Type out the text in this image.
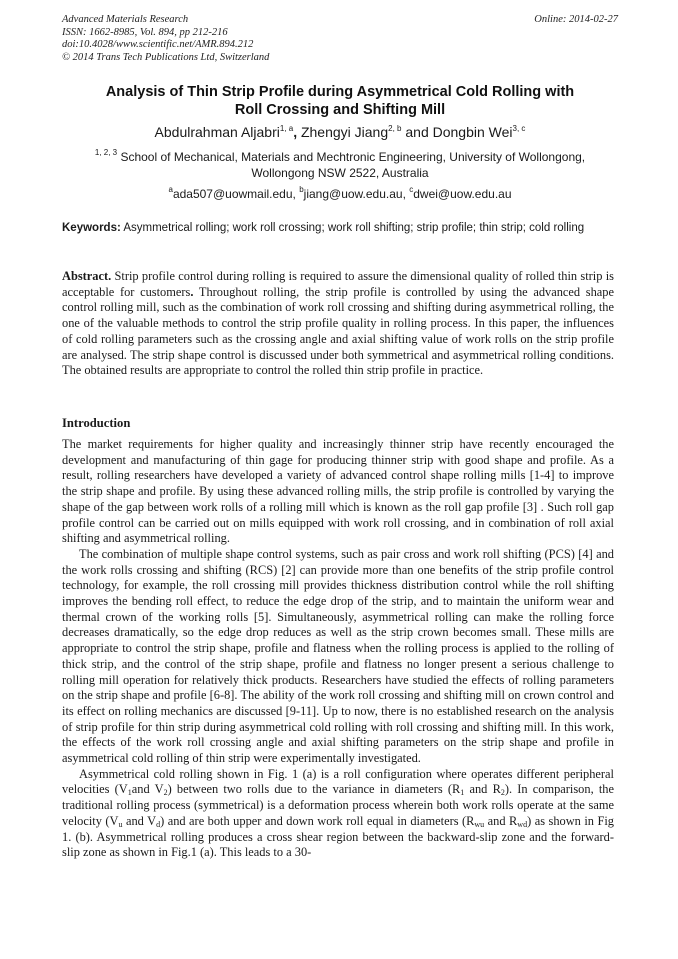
Advanced Materials Research
ISSN: 1662-8985, Vol. 894, pp 212-216
doi:10.4028/www.scientific.net/AMR.894.212
© 2014 Trans Tech Publications Ltd, Switzerland
Online: 2014-02-27
Analysis of Thin Strip Profile during Asymmetrical Cold Rolling with
Roll Crossing and Shifting Mill
Abdulrahman Aljabri$^{1, a}$, Zhengyi Jiang$^{2, b}$ and Dongbin Wei$^{3, c}$
$^{1, 2, 3}$ School of Mechanical, Materials and Mechtronic Engineering, University of Wollongong,
Wollongong NSW 2522, Australia
$^a$ada507@uowmail.edu, $^b$jiang@uow.edu.au, $^c$dwei@uow.edu.au
Keywords: Asymmetrical rolling; work roll crossing; work roll shifting; strip profile; thin strip; cold rolling
Abstract. Strip profile control during rolling is required to assure the dimensional quality of rolled thin strip is acceptable for customers. Throughout rolling, the strip profile is controlled by using the advanced shape control rolling mill, such as the combination of work roll crossing and shifting during asymmetrical rolling, the one of the valuable methods to control the strip profile quality in rolling process. In this paper, the influences of cold rolling parameters such as the crossing angle and axial shifting value of work rolls on the strip profile are analysed. The strip shape control is discussed under both symmetrical and asymmetrical rolling conditions. The obtained results are appropriate to control the rolled thin strip profile in practice.
Introduction

The market requirements for higher quality and increasingly thinner strip have recently encouraged the development and manufacturing of thin gage for producing thinner strip with good shape and profile. As a result, rolling researchers have developed a variety of advanced control shape rolling mills [1-4] to improve the strip shape and profile. By using these advanced rolling mills, the strip profile is controlled by varying the shape of the gap between work rolls of a rolling mill which is known as the roll gap profile [3] . Such roll gap profile control can be carried out on mills equipped with work roll crossing, and in combination of roll axial shifting and asymmetrical rolling.

The combination of multiple shape control systems, such as pair cross and work roll shifting (PCS) [4] and the work rolls crossing and shifting (RCS) [2] can provide more than one benefits of the strip profile control technology, for example, the roll crossing mill provides thickness distribution control while the roll shifting improves the bending roll effect, to reduce the edge drop of the strip, and to maintain the uniform wear and thermal crown of the working rolls [5]. Simultaneously, asymmetrical rolling can make the rolling force decreases dramatically, so the edge drop reduces as well as the strip crown becomes small. These mills are appropriate to control the strip shape, profile and flatness when the rolling process is applied to the rolling of thick strip, and the control of the strip shape, profile and flatness no longer present a serious challenge to rolling mill operation for relatively thick products. Researchers have studied the effects of rolling parameters on the strip shape and profile [6-8]. The ability of the work roll crossing and shifting mill on crown control and its effect on rolling mechanics are discussed [9-11]. Up to now, there is no established research on the analysis of strip profile for thin strip during asymmetrical cold rolling with roll crossing and shifting mill. In this work, the effects of the work roll crossing angle and axial shifting parameters on the strip shape and profile in asymmetrical cold rolling of thin strip were experimentally investigated.

Asymmetrical cold rolling shown in Fig. 1 (a) is a roll configuration where operates different peripheral velocities ($V_1and$ $V_2$) between two rolls due to the variance in diameters ($R_1$ and $R_2$). In comparison, the traditional rolling process (symmetrical) is a deformation process wherein both work rolls operate at the same velocity ($V_u$ and $V_d$) and are both upper and down work roll equal in diameters ($R_{wu}$ and $R_{wd}$) as shown in Fig 1. (b). Asymmetrical rolling produces a cross shear region between the backward-slip zone and the forward-slip zone as shown in Fig.1 (a). This leads to a 30-
